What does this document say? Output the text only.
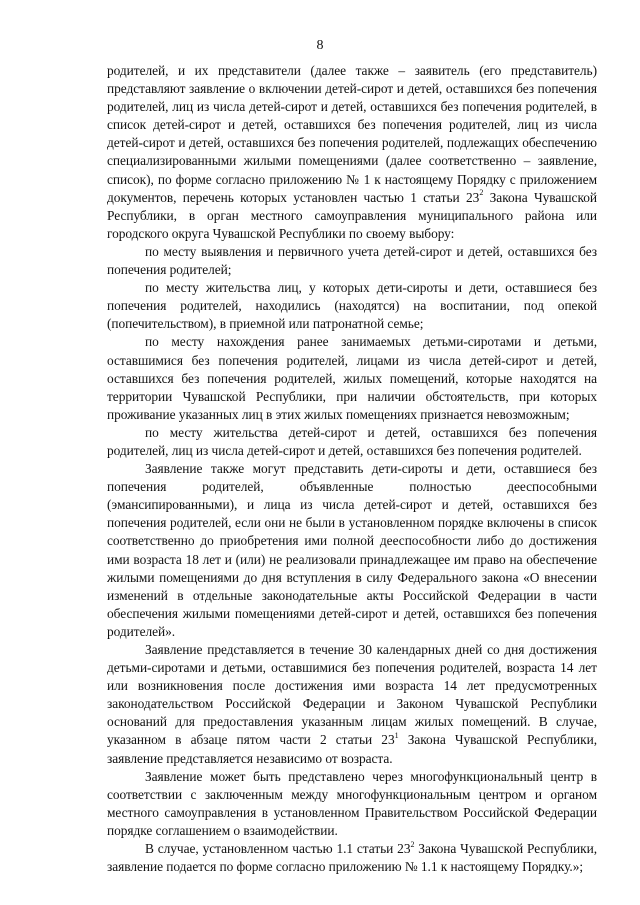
8

родителей, и их представители (далее также – заявитель (его представитель) представляют заявление о включении детей-сирот и детей, оставшихся без попечения родителей, лиц из числа детей-сирот и детей, оставшихся без попечения родителей, в список детей-сирот и детей, оставшихся без попечения родителей, лиц из числа детей-сирот и детей, оставшихся без попечения родителей, подлежащих обеспечению специализированными жилыми помещениями (далее соответственно – заявление, список), по форме согласно приложению № 1 к настоящему Порядку с приложением документов, перечень которых установлен частью 1 статьи $23^2$ Закона Чувашской Республики, в орган местного самоуправления муниципального района или городского округа Чувашской Республики по своему выбору:

по месту выявления и первичного учета детей-сирот и детей, оставшихся без попечения родителей;

по месту жительства лиц, у которых дети-сироты и дети, оставшиеся без попечения родителей, находились (находятся) на воспитании, под опекой (попечительством), в приемной или патронатной семье;

по месту нахождения ранее занимаемых детьми-сиротами и детьми, оставшимися без попечения родителей, лицами из числа детей-сирот и детей, оставшихся без попечения родителей, жилых помещений, которые находятся на территории Чувашской Республики, при наличии обстоятельств, при которых проживание указанных лиц в этих жилых помещениях признается невозможным;

по месту жительства детей-сирот и детей, оставшихся без попечения родителей, лиц из числа детей-сирот и детей, оставшихся без попечения родителей.

Заявление также могут представить дети-сироты и дети, оставшиеся без попечения родителей, объявленные полностью дееспособными (эмансипированными), и лица из числа детей-сирот и детей, оставшихся без попечения родителей, если они не были в установленном порядке включены в список соответственно до приобретения ими полной дееспособности либо до достижения ими возраста 18 лет и (или) не реализовали принадлежащее им право на обеспечение жилыми помещениями до дня вступления в силу Федерального закона «О внесении изменений в отдельные законодательные акты Российской Федерации в части обеспечения жилыми помещениями детей-сирот и детей, оставшихся без попечения родителей».

Заявление представляется в течение 30 календарных дней со дня достижения детьми-сиротами и детьми, оставшимися без попечения родителей, возраста 14 лет или возникновения после достижения ими возраста 14 лет предусмотренных законодательством Российской Федерации и Законом Чувашской Республики оснований для предоставления указанным лицам жилых помещений. В случае, указанном в абзаце пятом части 2 статьи $23^1$ Закона Чувашской Республики, заявление представляется независимо от возраста.

Заявление может быть представлено через многофункциональный центр в соответствии с заключенным между многофункциональным центром и органом местного самоуправления в установленном Правительством Российской Федерации порядке соглашением о взаимодействии.

В случае, установленном частью 1.1 статьи $23^2$ Закона Чувашской Республики, заявление подается по форме согласно приложению № 1.1 к настоящему Порядку.»;
